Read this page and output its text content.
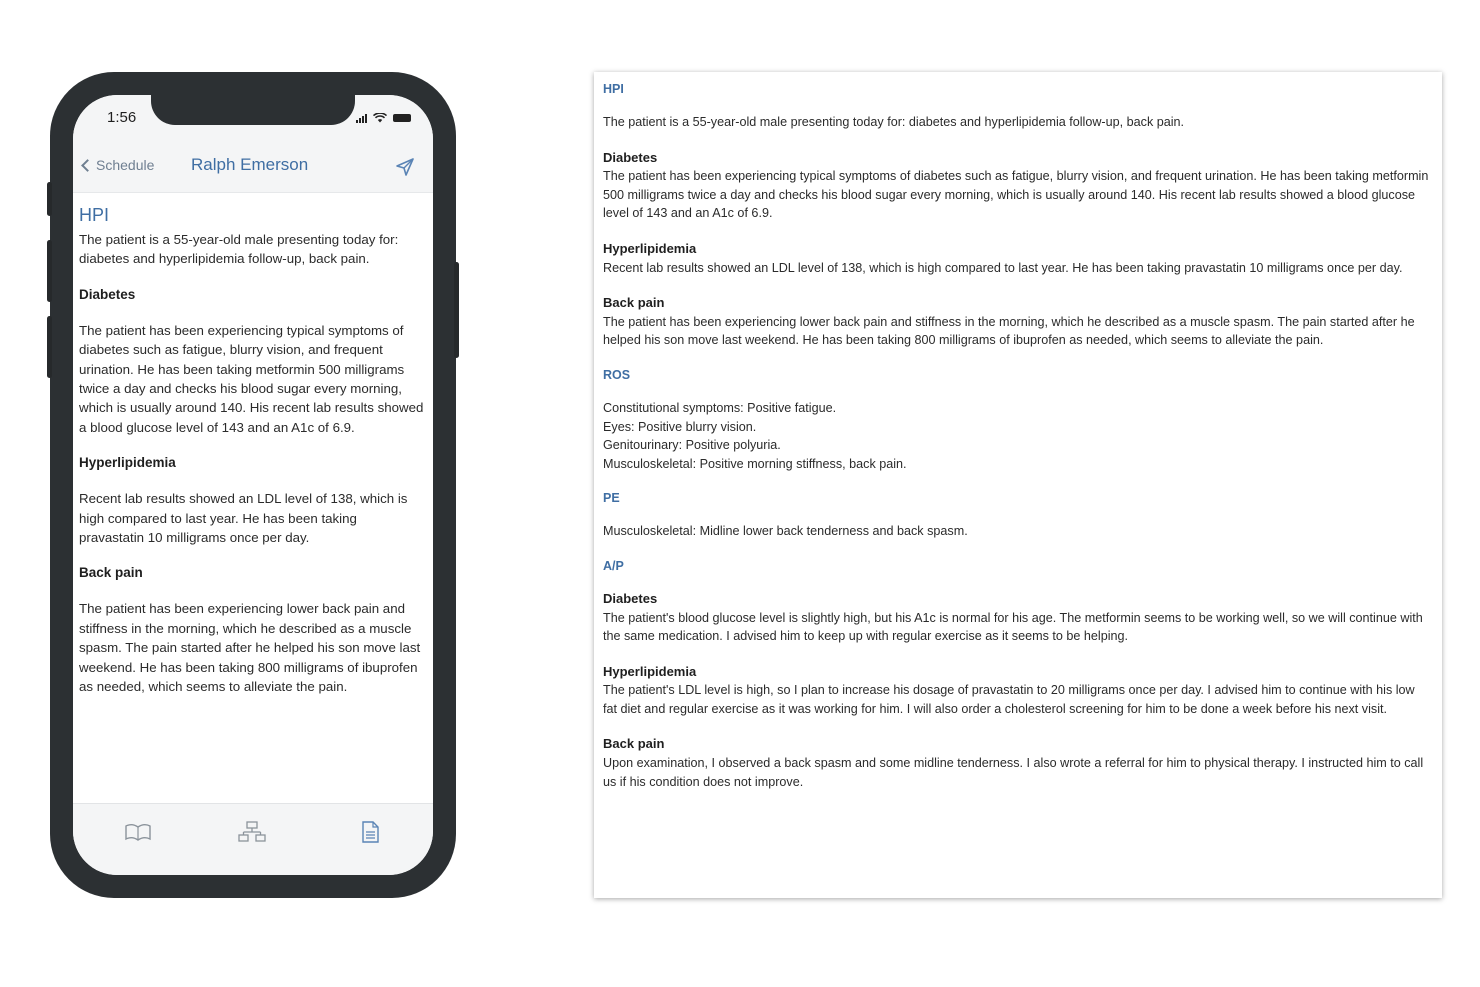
1:56
Schedule Ralph Emerson
HPI
The patient is a 55-year-old male presenting today for: diabetes and hyperlipidemia follow-up, back pain.
Diabetes
The patient has been experiencing typical symptoms of diabetes such as fatigue, blurry vision, and frequent urination. He has been taking metformin 500 milligrams twice a day and checks his blood sugar every morning, which is usually around 140. His recent lab results showed a blood glucose level of 143 and an A1c of 6.9.
Hyperlipidemia
Recent lab results showed an LDL level of 138, which is high compared to last year. He has been taking pravastatin 10 milligrams once per day.
Back pain
The patient has been experiencing lower back pain and stiffness in the morning, which he described as a muscle spasm. The pain started after he helped his son move last weekend. He has been taking 800 milligrams of ibuprofen as needed, which seems to alleviate the pain.
HPI
The patient is a 55-year-old male presenting today for: diabetes and hyperlipidemia follow-up, back pain.
Diabetes
The patient has been experiencing typical symptoms of diabetes such as fatigue, blurry vision, and frequent urination. He has been taking metformin 500 milligrams twice a day and checks his blood sugar every morning, which is usually around 140. His recent lab results showed a blood glucose level of 143 and an A1c of 6.9.
Hyperlipidemia
Recent lab results showed an LDL level of 138, which is high compared to last year. He has been taking pravastatin 10 milligrams once per day.
Back pain
The patient has been experiencing lower back pain and stiffness in the morning, which he described as a muscle spasm. The pain started after he helped his son move last weekend. He has been taking 800 milligrams of ibuprofen as needed, which seems to alleviate the pain.
ROS
Constitutional symptoms: Positive fatigue.
Eyes: Positive blurry vision.
Genitourinary: Positive polyuria.
Musculoskeletal: Positive morning stiffness, back pain.
PE
Musculoskeletal: Midline lower back tenderness and back spasm.
A/P
Diabetes
The patient's blood glucose level is slightly high, but his A1c is normal for his age. The metformin seems to be working well, so we will continue with the same medication. I advised him to keep up with regular exercise as it seems to be helping.
Hyperlipidemia
The patient's LDL level is high, so I plan to increase his dosage of pravastatin to 20 milligrams once per day. I advised him to continue with his low fat diet and regular exercise as it was working for him. I will also order a cholesterol screening for him to be done a week before his next visit.
Back pain
Upon examination, I observed a back spasm and some midline tenderness. I also wrote a referral for him to physical therapy. I instructed him to call us if his condition does not improve.
